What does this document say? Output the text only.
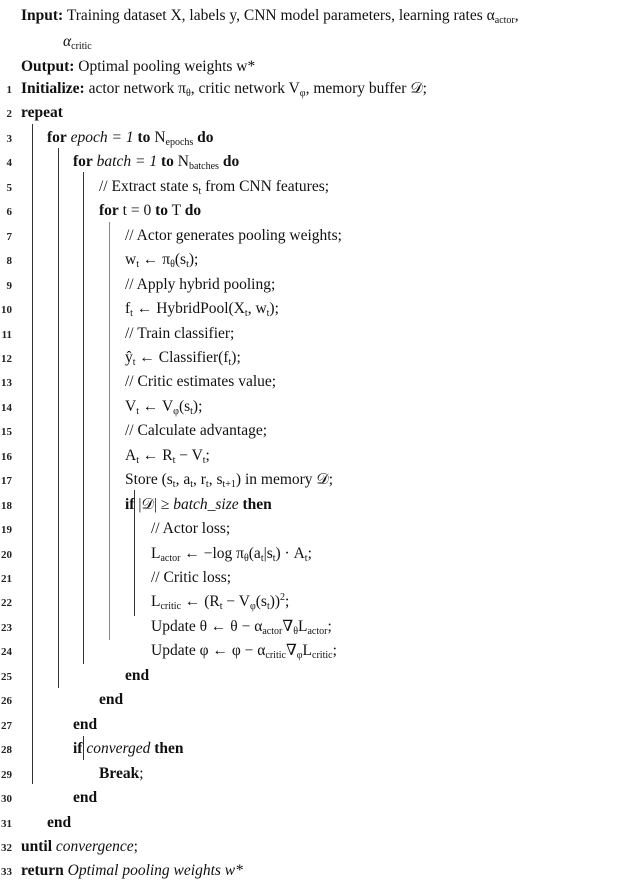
Input: Training dataset X, labels y, CNN model parameters, learning rates $\alpha_{actor}$,
$\alpha_{critic}$
Output: Optimal pooling weights w*
1 Initialize: actor network $\pi_\theta$, critic network $V_\varphi$, memory buffer 𝒟;
2 repeat
3 for epoch = 1 to $N_{epochs}$ do
4	for batch = 1 to $N_{batches}$ do
5	// Extract state $s_t$ from CNN features;
6	for t = 0 to T do
7	// Actor generates pooling weights;
8	$w_t$ ← $\pi_\theta(s_t)$;
9	// Apply hybrid pooling;
10	$f_t$ ← $HybridPool(X_t$, $w_t$);
11	// Train classifier;
12	$ŷ_t$ ← $Classifier(f_t)$;
13	// Critic estimates value;
14	$V_t$ ← $V_\varphi(s_t)$;
15	// Calculate advantage;
16	$A_t$ ← $R_t - V_t$;
17	Store ($s_t$, $a_t$, $r_t$, $s_{t+1}$) in memory 𝒟;
18	if |𝒟| ≥ batch_size then
19	// Actor loss;
20	$L_{actor}$ ← −log $\pi_\theta(a_t|s_t) \cdot A_t$;
21	// Critic loss;
22	$L_{critic}$ ← $(R_t - V_\varphi(s_t))^2$;
23	Update θ ← $\theta - \alpha_{actor}\nabla_\theta L_{actor}$;
24	Update φ ← $\varphi - \alpha_{critic}\nabla_\varphi L_{critic}$;
25	end
26	end
27	end
28	if converged then
29	Break;
30	end
31 end
32 until convergence;
33 return Optimal pooling weights w*
